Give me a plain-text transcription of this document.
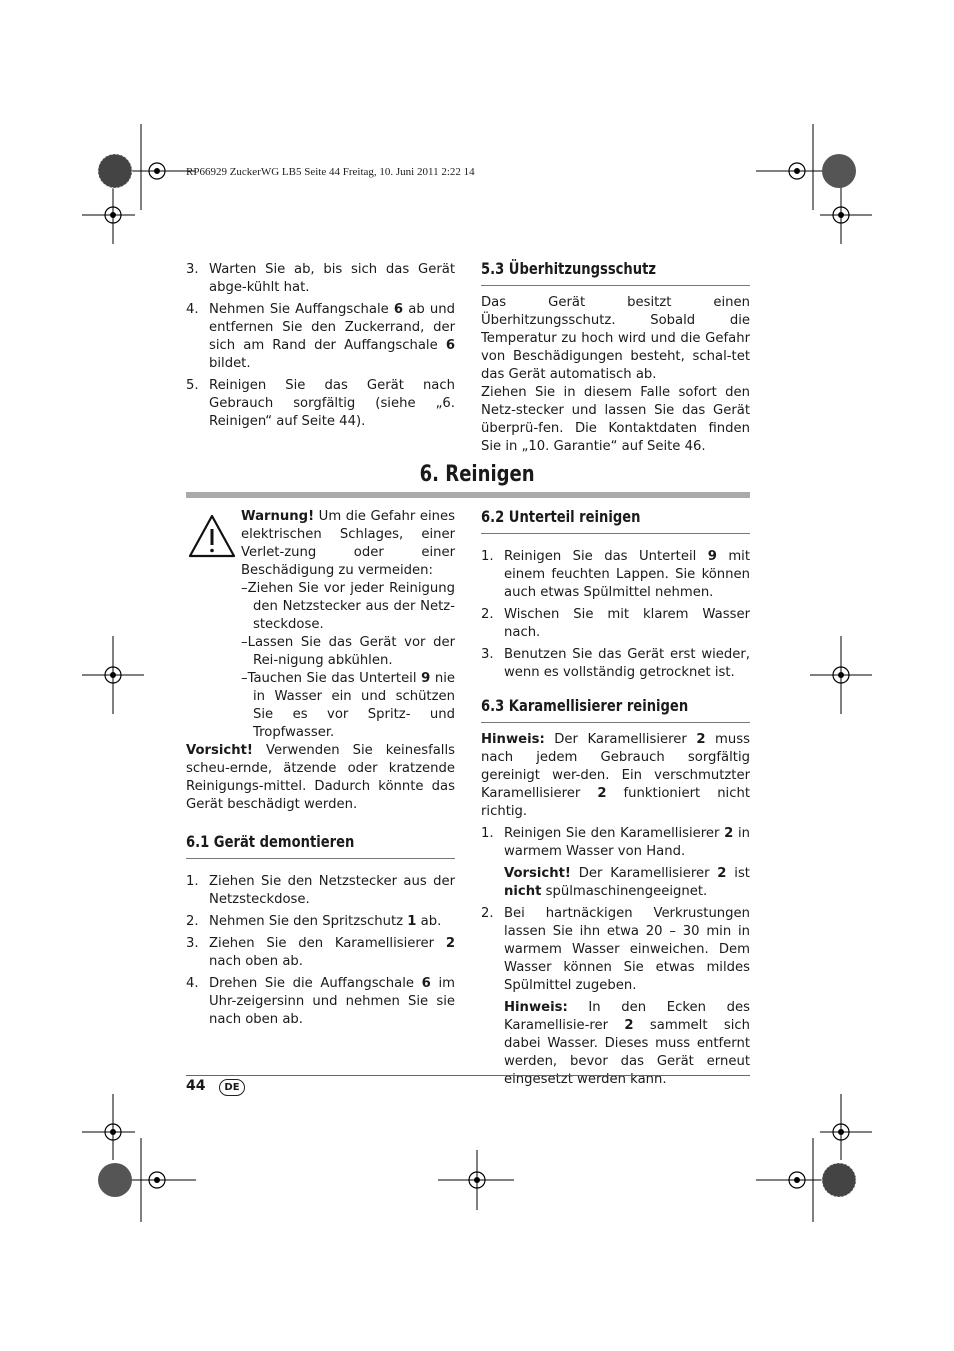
RP66929 ZuckerWG LB5 Seite 44 Freitag, 10. Juni 2011 2:22 14
3. Warten Sie ab, bis sich das Gerät abge-kühlt hat.
4. Nehmen Sie Auffangschale 6 ab und entfernen Sie den Zuckerrand, der sich am Rand der Auffangschale 6 bildet.
5. Reinigen Sie das Gerät nach Gebrauch sorgfältig (siehe „6. Reinigen“ auf Seite 44).
5.3 Überhitzungsschutz

Das Gerät besitzt einen Überhitzungsschutz. Sobald die Temperatur zu hoch wird und die Gefahr von Beschädigungen besteht, schal-tet das Gerät automatisch ab.

Ziehen Sie in diesem Falle sofort den Netz-stecker und lassen Sie das Gerät überprü-fen. Die Kontaktdaten finden Sie in „10. Garantie“ auf Seite 46.

6. Reinigen

Warnung! Um die Gefahr eines elektrischen Schlages, einer Verlet-zung oder einer Beschädigung zu vermeiden:

–Ziehen Sie vor jeder Reinigung den Netzstecker aus der Netz-steckdose.
–Lassen Sie das Gerät vor der Rei-nigung abkühlen.
–Tauchen Sie das Unterteil 9 nie in Wasser ein und schützen Sie es vor Spritz- und Tropfwasser.

Vorsicht! Verwenden Sie keinesfalls scheu-ernde, ätzende oder kratzende Reinigungs-mittel. Dadurch könnte das Gerät beschädigt werden.

6.1 Gerät demontieren
1. Ziehen Sie den Netzstecker aus der Netzsteckdose.
2. Nehmen Sie den Spritzschutz 1 ab.
3. Ziehen Sie den Karamellisierer 2 nach oben ab.
4. Drehen Sie die Auffangschale 6 im Uhr-zeigersinn und nehmen Sie sie nach oben ab.
6.2 Unterteil reinigen
1. Reinigen Sie das Unterteil 9 mit einem feuchten Lappen. Sie können auch etwas Spülmittel nehmen.
2. Wischen Sie mit klarem Wasser nach.
3. Benutzen Sie das Gerät erst wieder, wenn es vollständig getrocknet ist.
6.3 Karamellisierer reinigen

Hinweis: Der Karamellisierer 2 muss nach jedem Gebrauch sorgfältig gereinigt wer-den. Ein verschmutzter Karamellisierer 2 funktioniert nicht richtig.

1. Reinigen Sie den Karamellisierer 2 in warmem Wasser von Hand.

Vorsicht! Der Karamellisierer 2 ist nicht spülmaschinengeeignet.

2. Bei hartnäckigen Verkrustungen lassen Sie ihn etwa 20 – 30 min in warmem Wasser einweichen. Dem Wasser können Sie etwas mildes Spülmittel zugeben.

Hinweis: In den Ecken des Karamellisie-rer 2 sammelt sich dabei Wasser. Dieses muss entfernt werden, bevor das Gerät erneut eingesetzt werden kann.

44	DE
